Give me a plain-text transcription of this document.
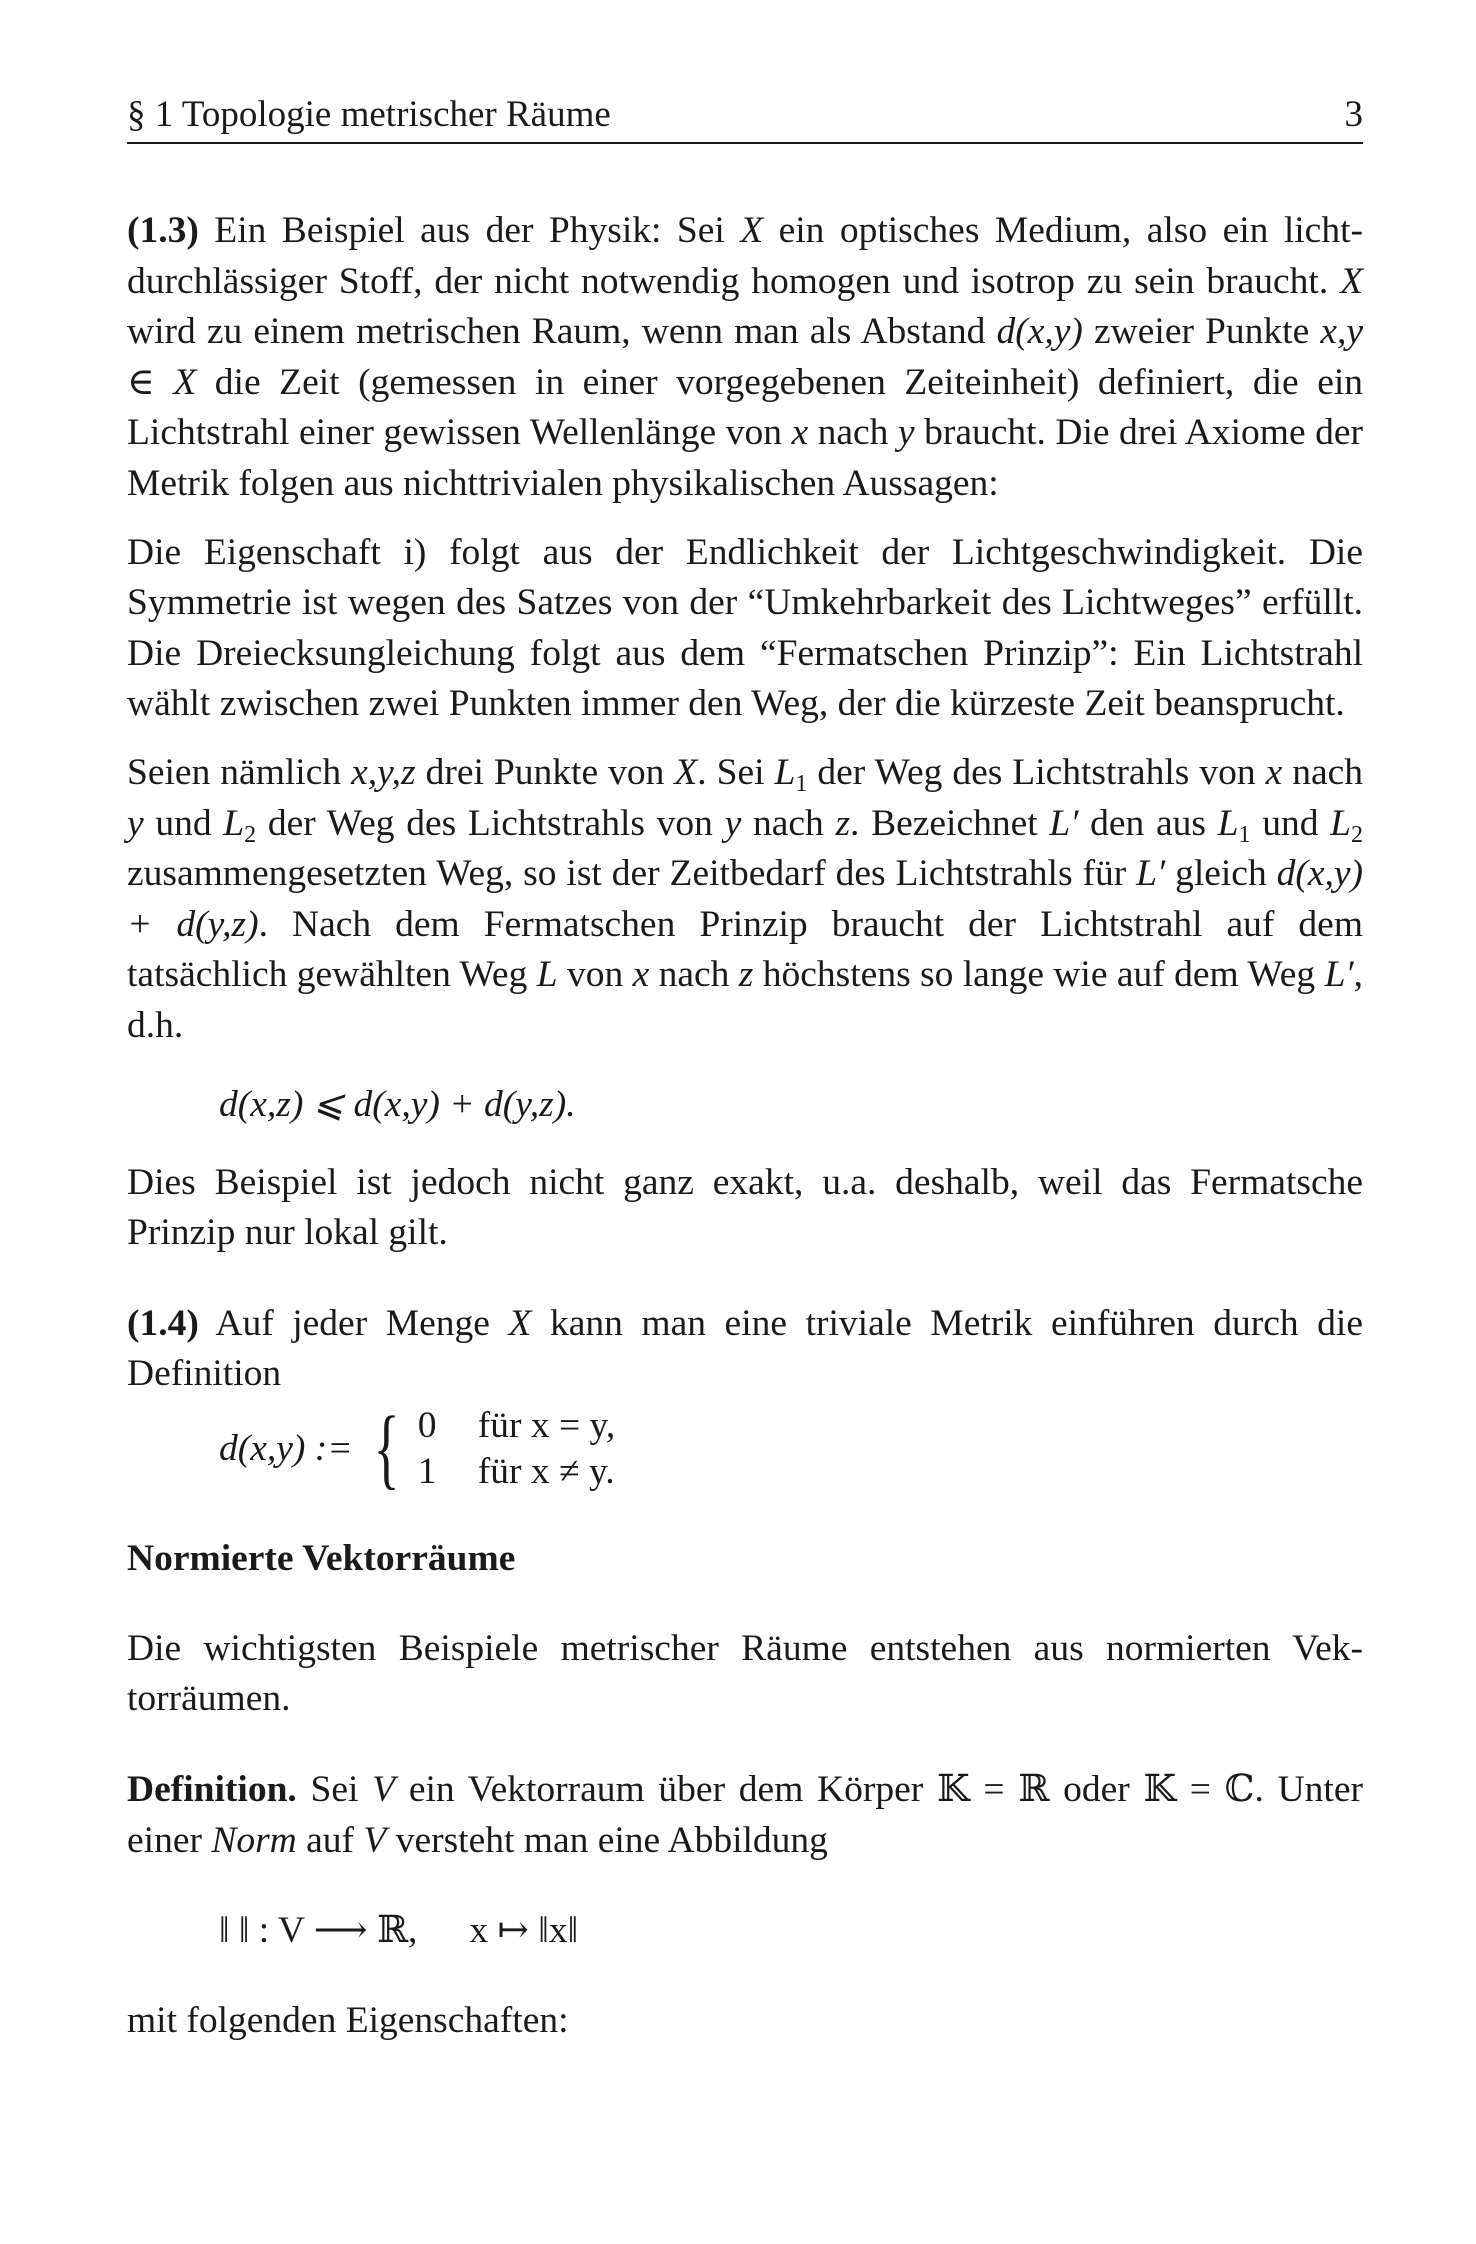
§ 1 Topologie metrischer Räume	3

(1.3) Ein Beispiel aus der Physik: Sei X ein optisches Medium, also ein lichtdurchlässiger Stoff, der nicht notwendig homogen und isotrop zu sein braucht. X wird zu einem metrischen Raum, wenn man als Abstand d(x,y) zweier Punkte x,y ∈ X die Zeit (gemessen in einer vorgegebenen Zeiteinheit) definiert, die ein Lichtstrahl einer gewissen Wellenlänge von x nach y braucht. Die drei Axiome der Metrik folgen aus nichttrivialen physikalischen Aussagen:

Die Eigenschaft i) folgt aus der Endlichkeit der Lichtgeschwindigkeit. Die Symmetrie ist wegen des Satzes von der “Umkehrbarkeit des Lichtweges” erfüllt. Die Dreiecksungleichung folgt aus dem “Fermatschen Prinzip”: Ein Lichtstrahl wählt zwischen zwei Punkten immer den Weg, der die kürzeste Zeit beansprucht.

Seien nämlich x,y,z drei Punkte von X. Sei $L_1$ der Weg des Lichtstrahls von x nach y und $L_2$ der Weg des Lichtstrahls von y nach z. Bezeichnet L′ den aus $L_1$ und $L_2$ zusammengesetzten Weg, so ist der Zeitbedarf des Lichtstrahls für L′ gleich d(x,y) + d(y,z). Nach dem Fermatschen Prinzip braucht der Lichtstrahl auf dem tatsächlich gewählten Weg L von x nach z höchstens so lange wie auf dem Weg L′, d.h.

d(x,z) ⩽ d(x,y) + d(y,z).

Dies Beispiel ist jedoch nicht ganz exakt, u.a. deshalb, weil das Fermatsche Prinzip nur lokal gilt.

(1.4) Auf jeder Menge X kann man eine triviale Metrik einführen durch die Definition

d(x,y) := { 0	für x = y,
1	für x ≠ y.
Normierte Vektorräume

Die wichtigsten Beispiele metrischer Räume entstehen aus normierten Vektorräumen.

Definition. Sei V ein Vektorraum über dem Körper 𝕂 = ℝ oder 𝕂 = ℂ. Unter einer Norm auf V versteht man eine Abbildung

‖ ‖ : V ⟶ ℝ, x ↦ ‖x‖

mit folgenden Eigenschaften:
